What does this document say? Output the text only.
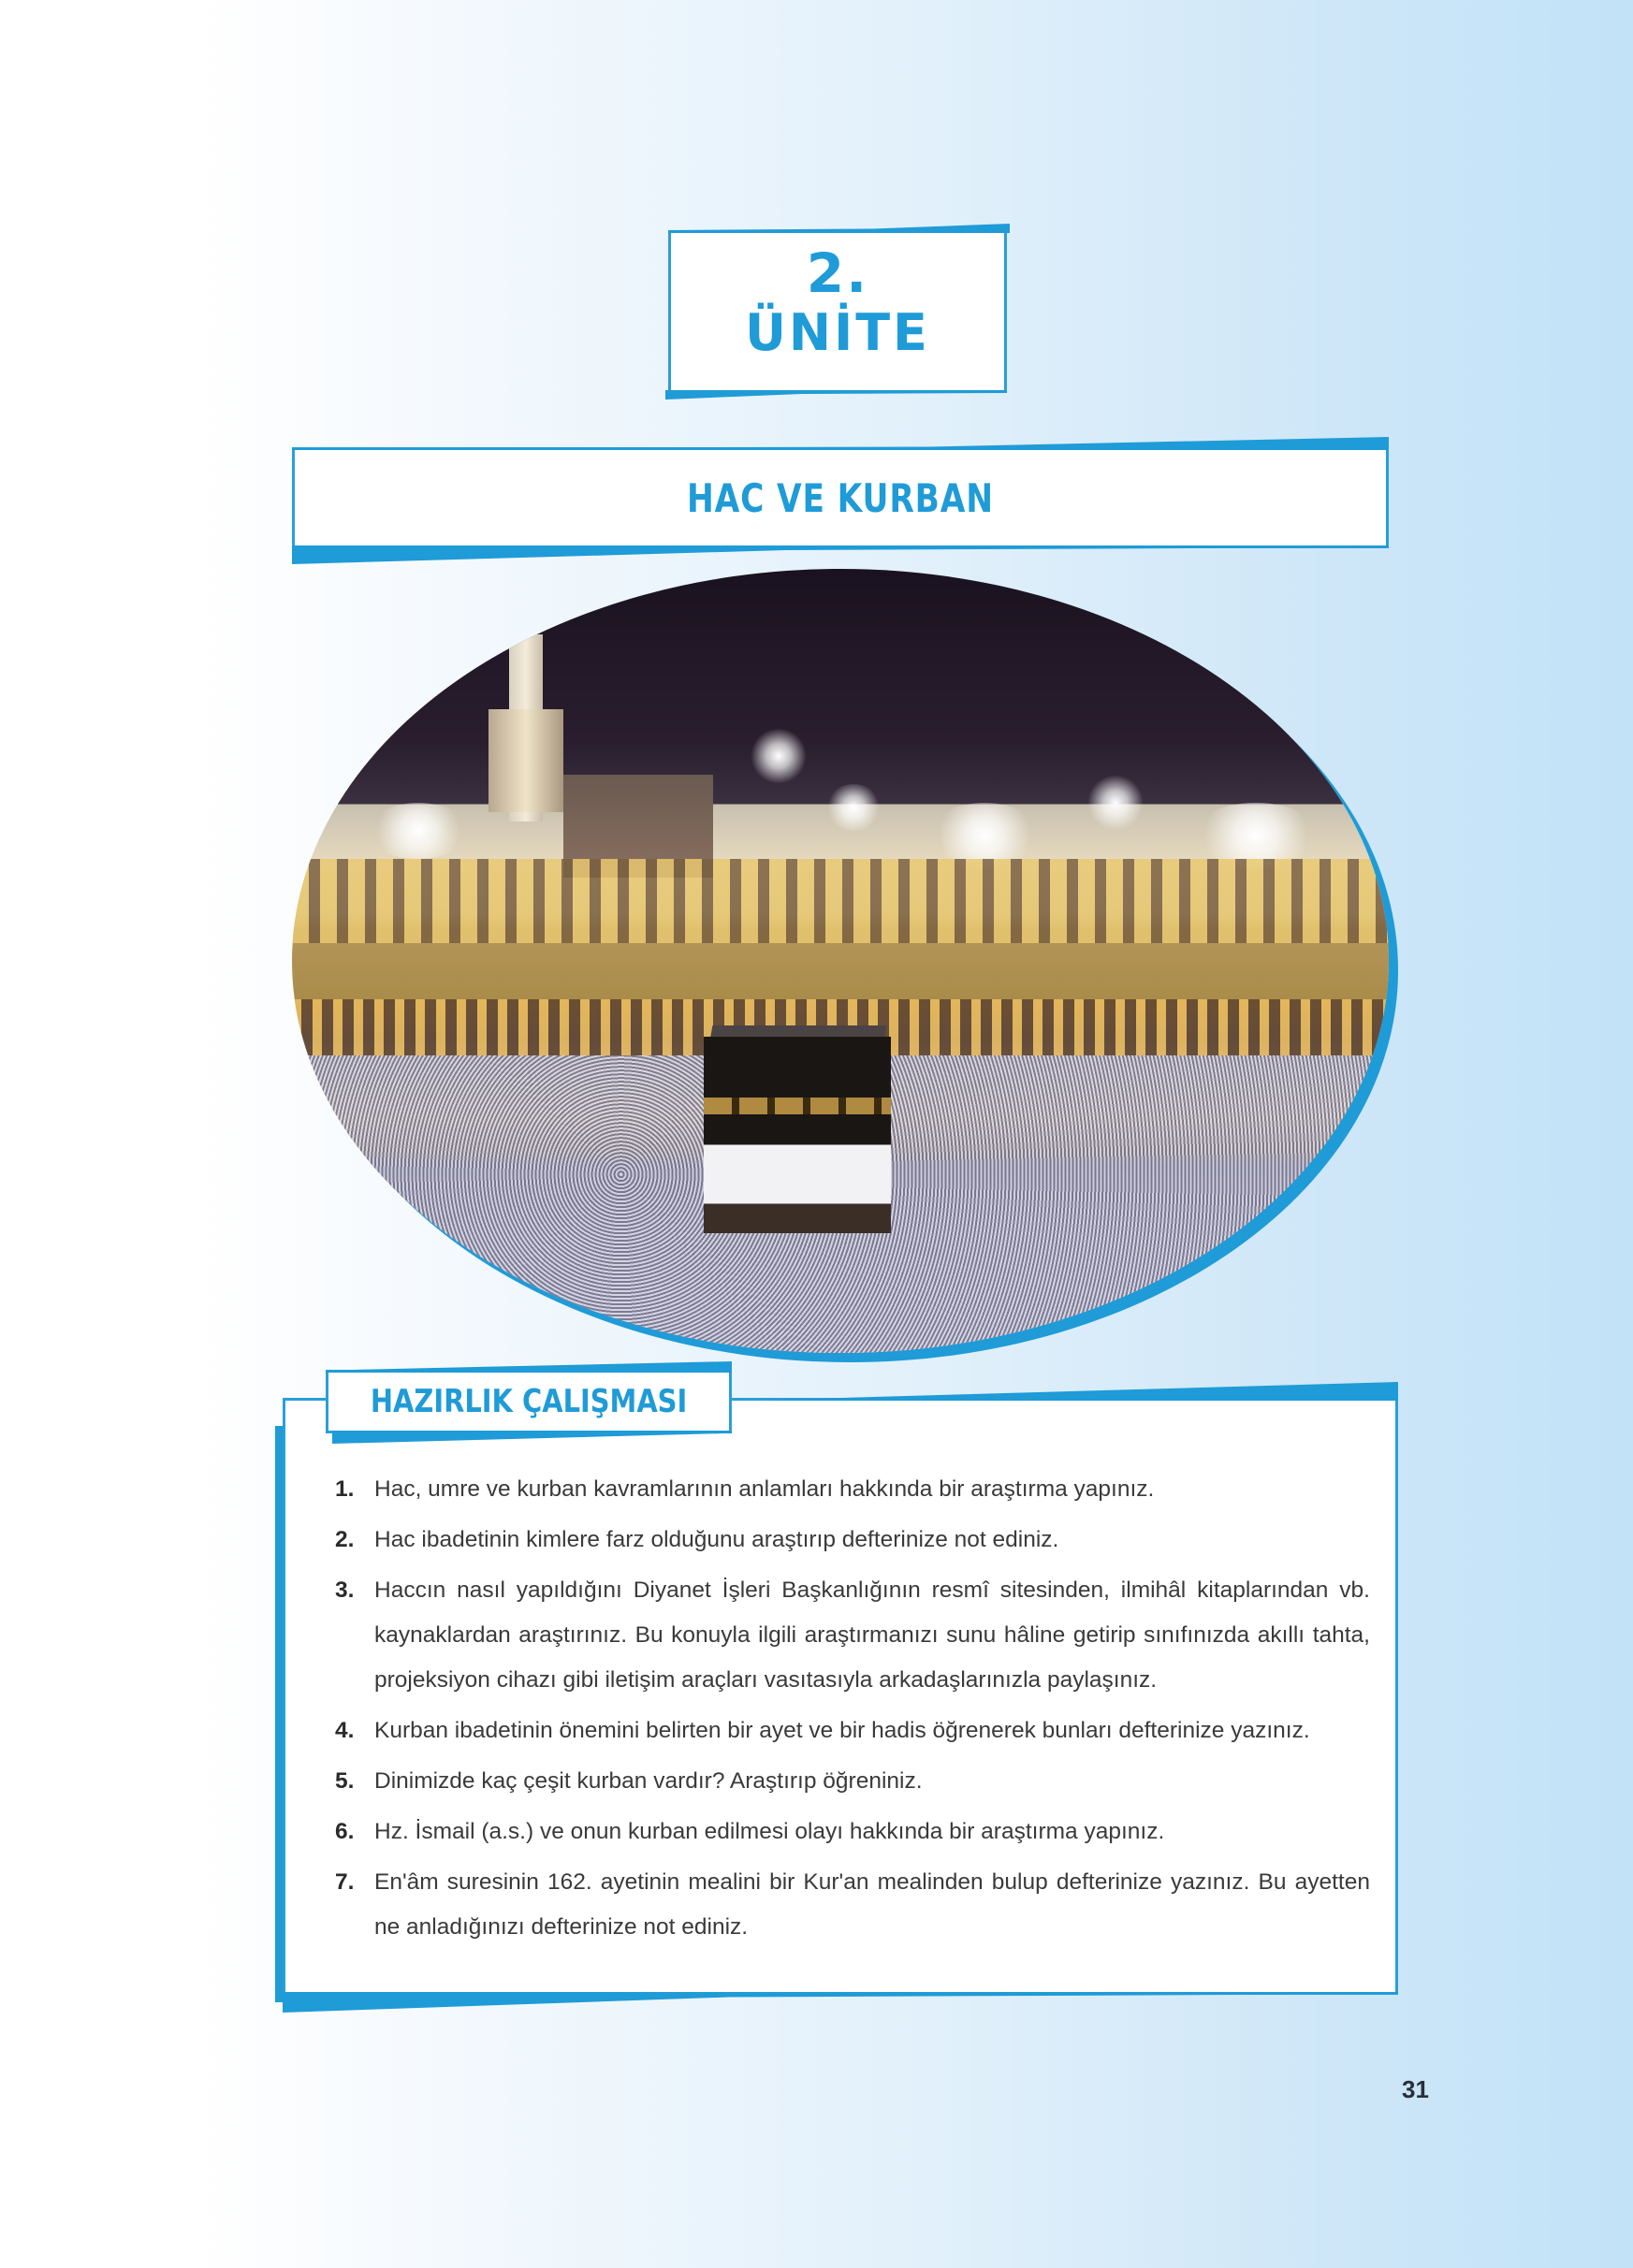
2.
ÜNİTE
HAC VE KURBAN
HAZIRLIK ÇALIŞMASI
1. Hac, umre ve kurban kavramlarının anlamları hakkında bir araştırma yapınız.
2. Hac ibadetinin kimlere farz olduğunu araştırıp defterinize not ediniz.
3. Haccın nasıl yapıldığını Diyanet İşleri Başkanlığının resmî sitesinden, ilmihâl kitaplarından vb. kaynaklardan araştırınız. Bu konuyla ilgili araştırmanızı sunu hâline getirip sınıfınızda akıllı tahta, projeksiyon cihazı gibi iletişim araçları vasıtasıyla arkadaşlarınızla paylaşınız.
4. Kurban ibadetinin önemini belirten bir ayet ve bir hadis öğrenerek bunları defterinize yazınız.
5. Dinimizde kaç çeşit kurban vardır? Araştırıp öğreniniz.
6. Hz. İsmail (a.s.) ve onun kurban edilmesi olayı hakkında bir araştırma yapınız.
7. En'âm suresinin 162. ayetinin mealini bir Kur'an mealinden bulup defterinize yazınız. Bu ayetten ne anladığınızı defterinize not ediniz.
31
